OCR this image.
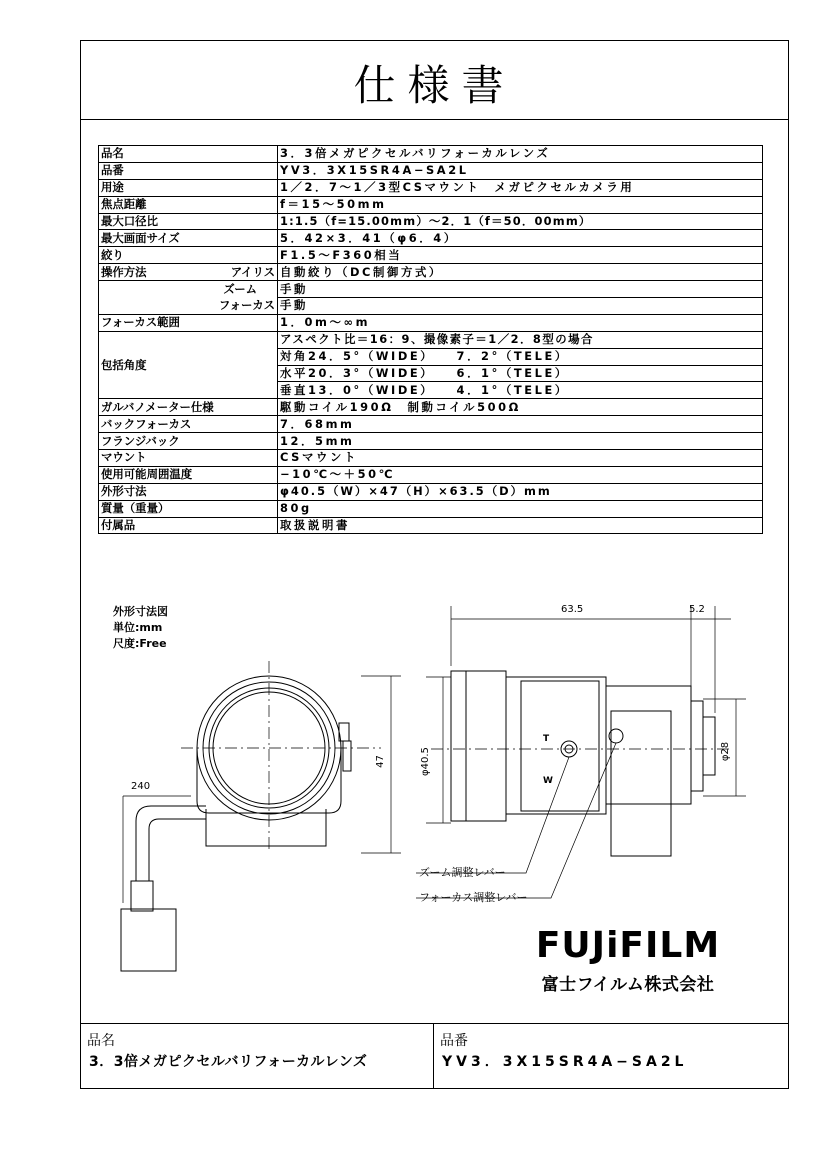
仕様書
品名	3．3倍メガピクセルバリフォーカルレンズ
品番	YV3．3X15SR4A−SA2L
用途	1／2．7〜1／3型CSマウント　メガピクセルカメラ用
焦点距離	f＝15〜50mm
最大口径比	1:1.5（f=15.00mm）〜2．1（f＝50．00mm）
最大画面サイズ	5．42×3．41（φ6．4）
絞り	F1.5〜F360相当

操作方法 アイリス	自動絞り（DC制御方式）
ズーム	手動
フォーカス	手動
フォーカス範囲	1．0m〜∞m
包括角度	アスペクト比＝16：9、撮像素子＝1／2．8型の場合
	対角24．5°（WIDE）　　7．2°（TELE）
	水平20．3°（WIDE）　　6．1°（TELE）
	垂直13．0°（WIDE）　　4．1°（TELE）
ガルバノメーター仕様	駆動コイル190Ω　制動コイル500Ω
バックフォーカス	7．68mm
フランジバック	12．5mm
マウント	CSマウント
使用可能周囲温度	−10℃〜＋50℃
外形寸法	φ40.5（W）×47（H）×63.5（D）mm
質量（重量）	80g
付属品	取扱説明書
外形寸法図
単位:mm
尺度:Free
63.5	5.2
47	φ40.5	φ28
240
T
W
ズーム調整レバー
フォーカス調整レバー
FUJiFILM
富士フイルム株式会社
品名
3．3倍メガピクセルバリフォーカルレンズ
品番
YV3．3X15SR4A−SA2L
